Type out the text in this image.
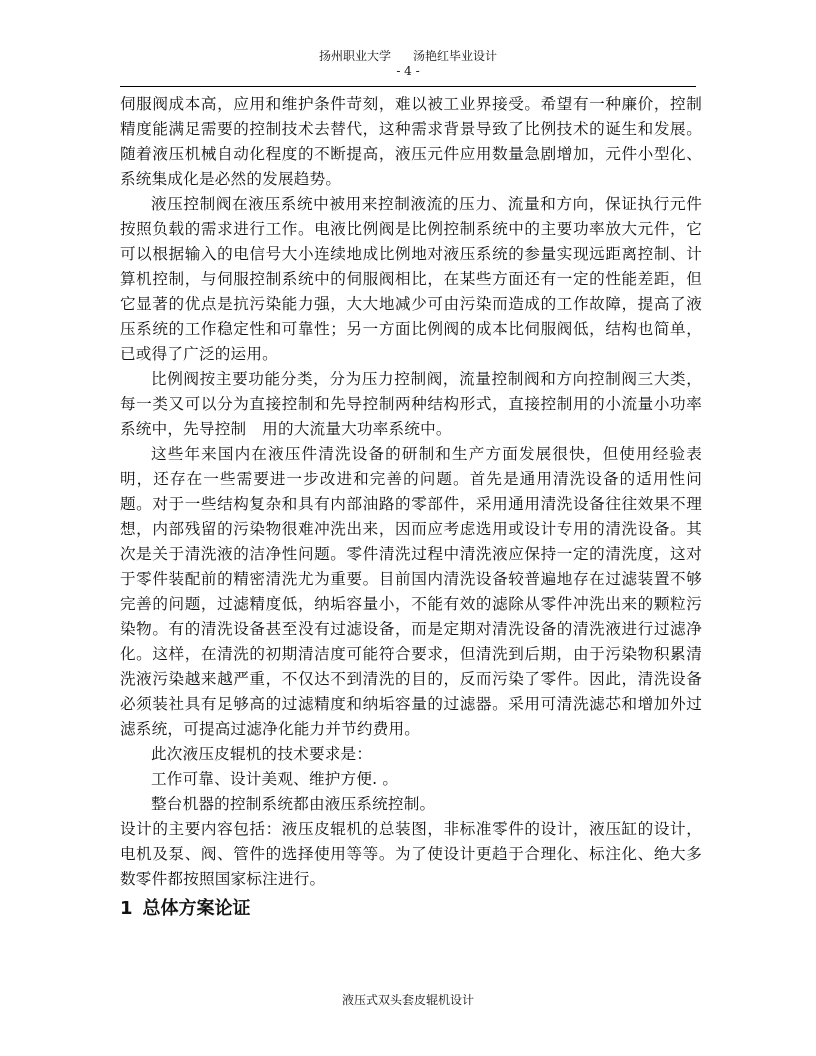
扬州职业大学 汤艳红毕业设计
- 4 -

伺服阀成本高，应用和维护条件苛刻，难以被工业界接受。希望有一种廉价，控制精度能满足需要的控制技术去替代，这种需求背景导致了比例技术的诞生和发展。随着液压机械自动化程度的不断提高，液压元件应用数量急剧增加，元件小型化、系统集成化是必然的发展趋势。

液压控制阀在液压系统中被用来控制液流的压力、流量和方向，保证执行元件按照负载的需求进行工作。电液比例阀是比例控制系统中的主要功率放大元件，它可以根据输入的电信号大小连续地成比例地对液压系统的参量实现远距离控制、计算机控制，与伺服控制系统中的伺服阀相比，在某些方面还有一定的性能差距，但它显著的优点是抗污染能力强，大大地减少可由污染而造成的工作故障，提高了液压系统的工作稳定性和可靠性；另一方面比例阀的成本比伺服阀低，结构也简单，已或得了广泛的运用。

比例阀按主要功能分类，分为压力控制阀，流量控制阀和方向控制阀三大类，每一类又可以分为直接控制和先导控制两种结构形式，直接控制用的小流量小功率系统中，先导控制　用的大流量大功率系统中。

这些年来国内在液压件清洗设备的研制和生产方面发展很快，但使用经验表明，还存在一些需要进一步改进和完善的问题。首先是通用清洗设备的适用性问题。对于一些结构复杂和具有内部油路的零部件，采用通用清洗设备往往效果不理想，内部残留的污染物很难冲洗出来，因而应考虑选用或设计专用的清洗设备。其次是关于清洗液的洁净性问题。零件清洗过程中清洗液应保持一定的清洗度，这对于零件装配前的精密清洗尤为重要。目前国内清洗设备较普遍地存在过滤装置不够完善的问题，过滤精度低，纳垢容量小，不能有效的滤除从零件冲洗出来的颗粒污染物。有的清洗设备甚至没有过滤设备，而是定期对清洗设备的清洗液进行过滤净化。这样，在清洗的初期清洁度可能符合要求，但清洗到后期，由于污染物积累清洗液污染越来越严重，不仅达不到清洗的目的，反而污染了零件。因此，清洗设备必须装社具有足够高的过滤精度和纳垢容量的过滤器。采用可清洗滤芯和增加外过滤系统，可提高过滤净化能力并节约费用。

此次液压皮辊机的技术要求是：

工作可靠、设计美观、维护方便. 。

整台机器的控制系统都由液压系统控制。

设计的主要内容包括：液压皮辊机的总装图，非标准零件的设计，液压缸的设计，电机及泵、阀、管件的选择使用等等。为了使设计更趋于合理化、标注化、绝大多数零件都按照国家标注进行。

1 总体方案论证
液压式双头套皮辊机设计
